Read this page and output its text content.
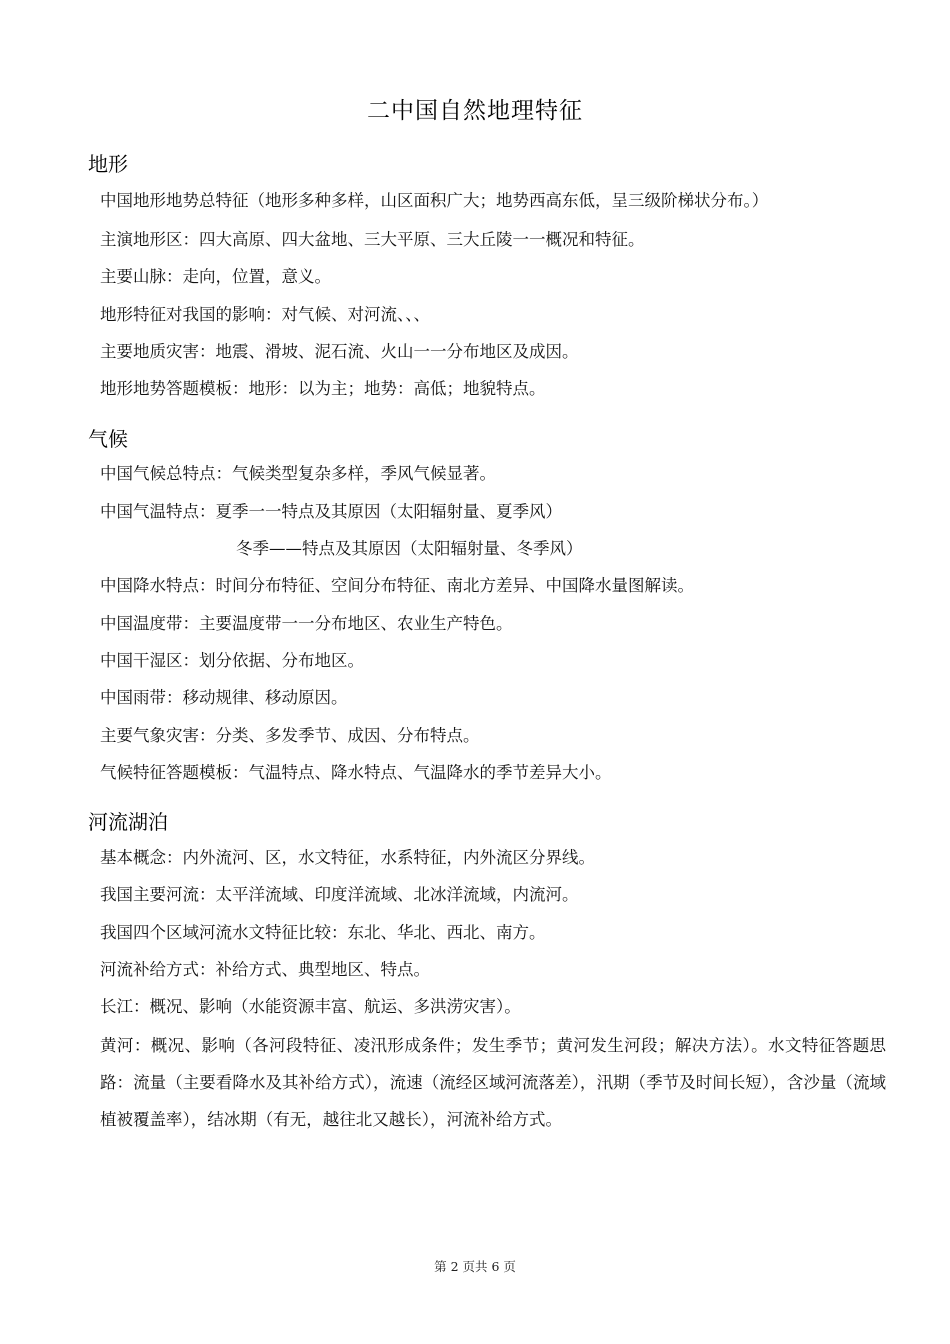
二中国自然地理特征
地形
中国地形地势总特征（地形多种多样，山区面积广大；地势西高东低，呈三级阶梯状分布。）
主演地形区：四大高原、四大盆地、三大平原、三大丘陵一一概况和特征。
主要山脉：走向，位置，意义。
地形特征对我国的影响：对气候、对河流、、、
主要地质灾害：地震、滑坡、泥石流、火山一一分布地区及成因。
地形地势答题模板：地形：以为主；地势：高低；地貌特点。
气候
中国气候总特点：气候类型复杂多样，季风气候显著。
中国气温特点：夏季一一特点及其原因（太阳辐射量、夏季风）
冬季——特点及其原因（太阳辐射量、冬季风）
中国降水特点：时间分布特征、空间分布特征、南北方差异、中国降水量图解读。
中国温度带：主要温度带一一分布地区、农业生产特色。
中国干湿区：划分依据、分布地区。
中国雨带：移动规律、移动原因。
主要气象灾害：分类、多发季节、成因、分布特点。
气候特征答题模板：气温特点、降水特点、气温降水的季节差异大小。
河流湖泊
基本概念：内外流河、区，水文特征，水系特征，内外流区分界线。
我国主要河流：太平洋流域、印度洋流域、北冰洋流域，内流河。
我国四个区域河流水文特征比较：东北、华北、西北、南方。
河流补给方式：补给方式、典型地区、特点。
长江：概况、影响（水能资源丰富、航运、多洪涝灾害）。
黄河：概况、影响（各河段特征、凌汛形成条件；发生季节；黄河发生河段；解决方法）。水文特征答题思路：流量（主要看降水及其补给方式），流速（流经区域河流落差），汛期（季节及时间长短），含沙量（流域植被覆盖率），结冰期（有无，越往北又越长），河流补给方式。
第 2 页共 6 页
